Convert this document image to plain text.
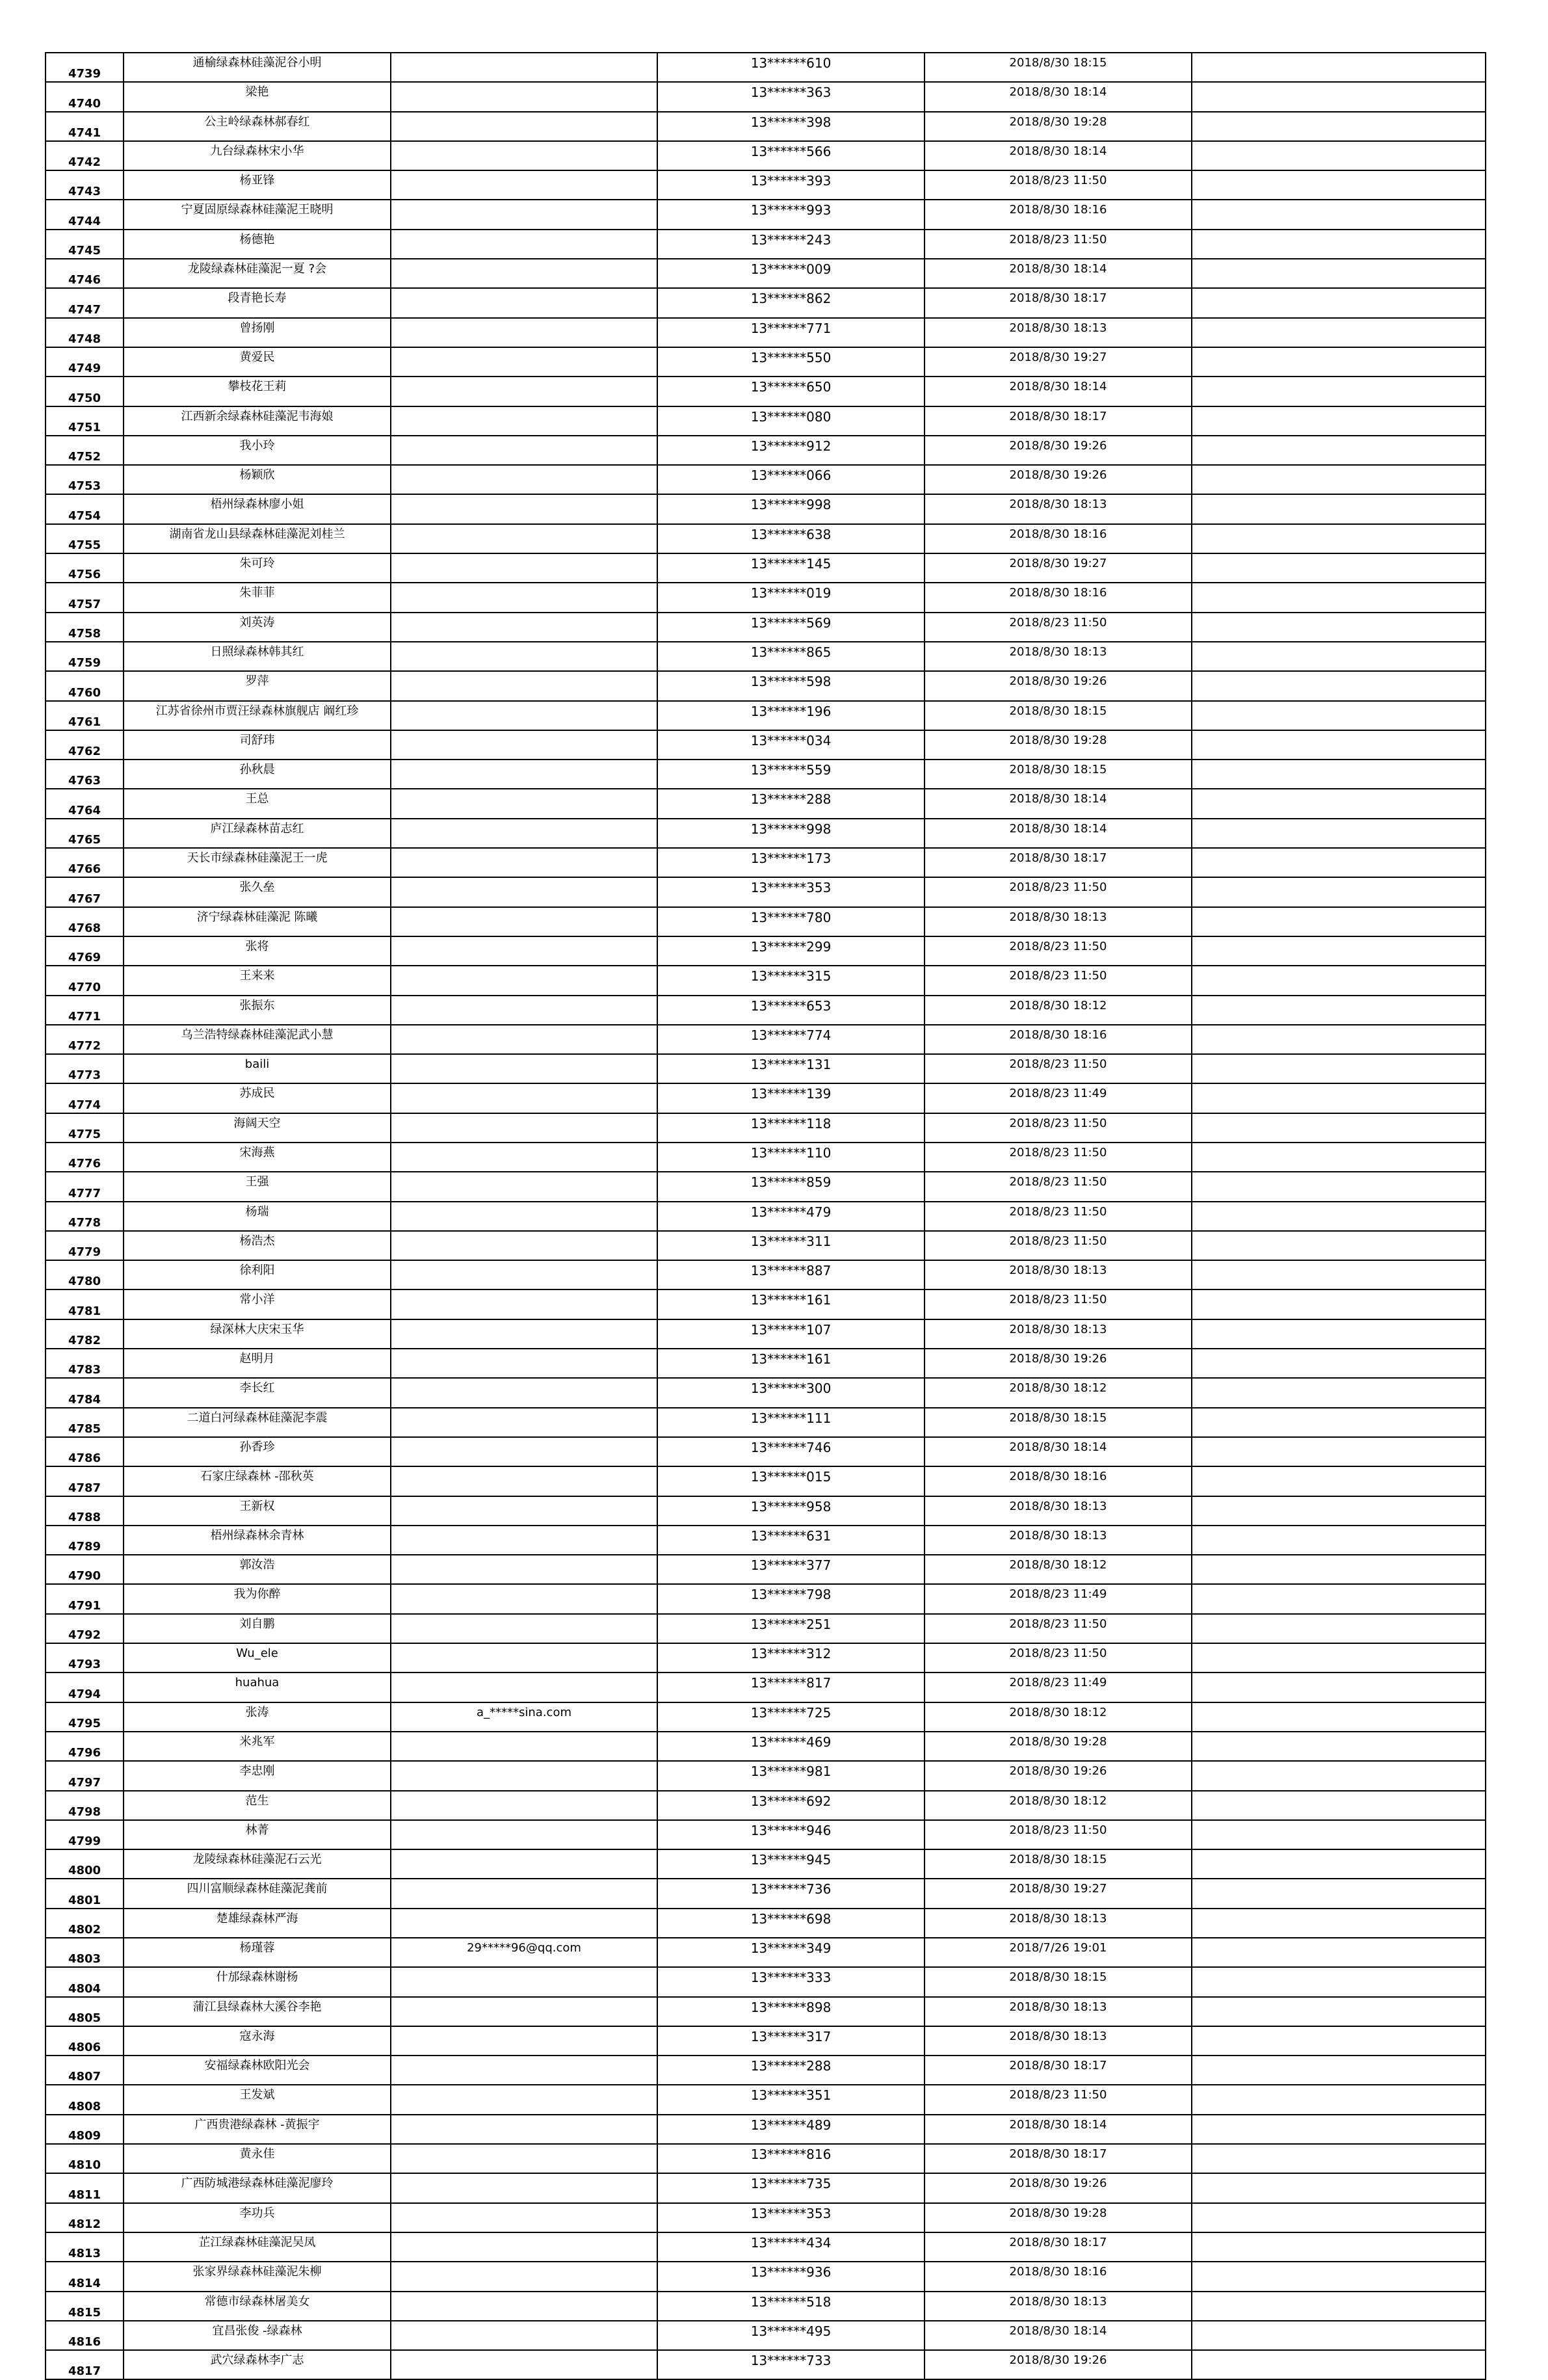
4739	通榆绿森林硅藻泥谷小明		13******610	2018/8/30 18:15	
4740	梁艳		13******363	2018/8/30 18:14	
4741	公主岭绿森林郝春红		13******398	2018/8/30 19:28	
4742	九台绿森林宋小华		13******566	2018/8/30 18:14	
4743	杨亚锋		13******393	2018/8/23 11:50	
4744	宁夏固原绿森林硅藻泥王晓明		13******993	2018/8/30 18:16	
4745	杨德艳		13******243	2018/8/23 11:50	
4746	龙陵绿森林硅藻泥一夏 ?会		13******009	2018/8/30 18:14	
4747	段青艳长寿		13******862	2018/8/30 18:17	
4748	曾扬刚		13******771	2018/8/30 18:13	
4749	黄爱民		13******550	2018/8/30 19:27	
4750	攀枝花王莉		13******650	2018/8/30 18:14	
4751	江西新余绿森林硅藻泥韦海娘		13******080	2018/8/30 18:17	
4752	我小玲		13******912	2018/8/30 19:26	
4753	杨颖欣		13******066	2018/8/30 19:26	
4754	梧州绿森林廖小姐		13******998	2018/8/30 18:13	
4755	湖南省龙山县绿森林硅藻泥刘桂兰		13******638	2018/8/30 18:16	
4756	朱可玲		13******145	2018/8/30 19:27	
4757	朱菲菲		13******019	2018/8/30 18:16	
4758	刘英涛		13******569	2018/8/23 11:50	
4759	日照绿森林韩其红		13******865	2018/8/30 18:13	
4760	罗萍		13******598	2018/8/30 19:26	
4761	江苏省徐州市贾汪绿森林旗舰店 阚红珍		13******196	2018/8/30 18:15	
4762	司舒玮		13******034	2018/8/30 19:28	
4763	孙秋晨		13******559	2018/8/30 18:15	
4764	王总		13******288	2018/8/30 18:14	
4765	庐江绿森林苗志红		13******998	2018/8/30 18:14	
4766	天长市绿森林硅藻泥王一虎		13******173	2018/8/30 18:17	
4767	张久垒		13******353	2018/8/23 11:50	
4768	济宁绿森林硅藻泥 陈曦		13******780	2018/8/30 18:13	
4769	张将		13******299	2018/8/23 11:50	
4770	王来来		13******315	2018/8/23 11:50	
4771	张振东		13******653	2018/8/30 18:12	
4772	乌兰浩特绿森林硅藻泥武小慧		13******774	2018/8/30 18:16	
4773	baili		13******131	2018/8/23 11:50	
4774	苏成民		13******139	2018/8/23 11:49	
4775	海阔天空		13******118	2018/8/23 11:50	
4776	宋海燕		13******110	2018/8/23 11:50	
4777	王强		13******859	2018/8/23 11:50	
4778	杨瑞		13******479	2018/8/23 11:50	
4779	杨浩杰		13******311	2018/8/23 11:50	
4780	徐利阳		13******887	2018/8/30 18:13	
4781	常小洋		13******161	2018/8/23 11:50	
4782	绿深林大庆宋玉华		13******107	2018/8/30 18:13	
4783	赵明月		13******161	2018/8/30 19:26	
4784	李长红		13******300	2018/8/30 18:12	
4785	二道白河绿森林硅藻泥李震		13******111	2018/8/30 18:15	
4786	孙香珍		13******746	2018/8/30 18:14	
4787	石家庄绿森林 -邵秋英		13******015	2018/8/30 18:16	
4788	王新权		13******958	2018/8/30 18:13	
4789	梧州绿森林余青林		13******631	2018/8/30 18:13	
4790	郭汝浩		13******377	2018/8/30 18:12	
4791	我为你醉		13******798	2018/8/23 11:49	
4792	刘自鹏		13******251	2018/8/23 11:50	
4793	Wu_ele		13******312	2018/8/23 11:50	
4794	huahua		13******817	2018/8/23 11:49	
4795	张涛	a_*****sina.com	13******725	2018/8/30 18:12	
4796	米兆军		13******469	2018/8/30 19:28	
4797	李忠刚		13******981	2018/8/30 19:26	
4798	范生		13******692	2018/8/30 18:12	
4799	林菁		13******946	2018/8/23 11:50	
4800	龙陵绿森林硅藻泥石云光		13******945	2018/8/30 18:15	
4801	四川富顺绿森林硅藻泥龚前		13******736	2018/8/30 19:27	
4802	楚雄绿森林严海		13******698	2018/8/30 18:13	
4803	杨瑾蓉	29*****96@qq.com	13******349	2018/7/26 19:01	
4804	什邡绿森林谢杨		13******333	2018/8/30 18:15	
4805	蒲江县绿森林大溪谷李艳		13******898	2018/8/30 18:13	
4806	寇永海		13******317	2018/8/30 18:13	
4807	安福绿森林欧阳光会		13******288	2018/8/30 18:17	
4808	王发斌		13******351	2018/8/23 11:50	
4809	广西贵港绿森林 -黄振宇		13******489	2018/8/30 18:14	
4810	黄永佳		13******816	2018/8/30 18:17	
4811	广西防城港绿森林硅藻泥廖玲		13******735	2018/8/30 19:26	
4812	李功兵		13******353	2018/8/30 19:28	
4813	芷江绿森林硅藻泥吴凤		13******434	2018/8/30 18:17	
4814	张家界绿森林硅藻泥朱柳		13******936	2018/8/30 18:16	
4815	常德市绿森林屠美女		13******518	2018/8/30 18:13	
4816	宜昌张俊 -绿森林		13******495	2018/8/30 18:14	
4817	武穴绿森林李广志		13******733	2018/8/30 19:26	
